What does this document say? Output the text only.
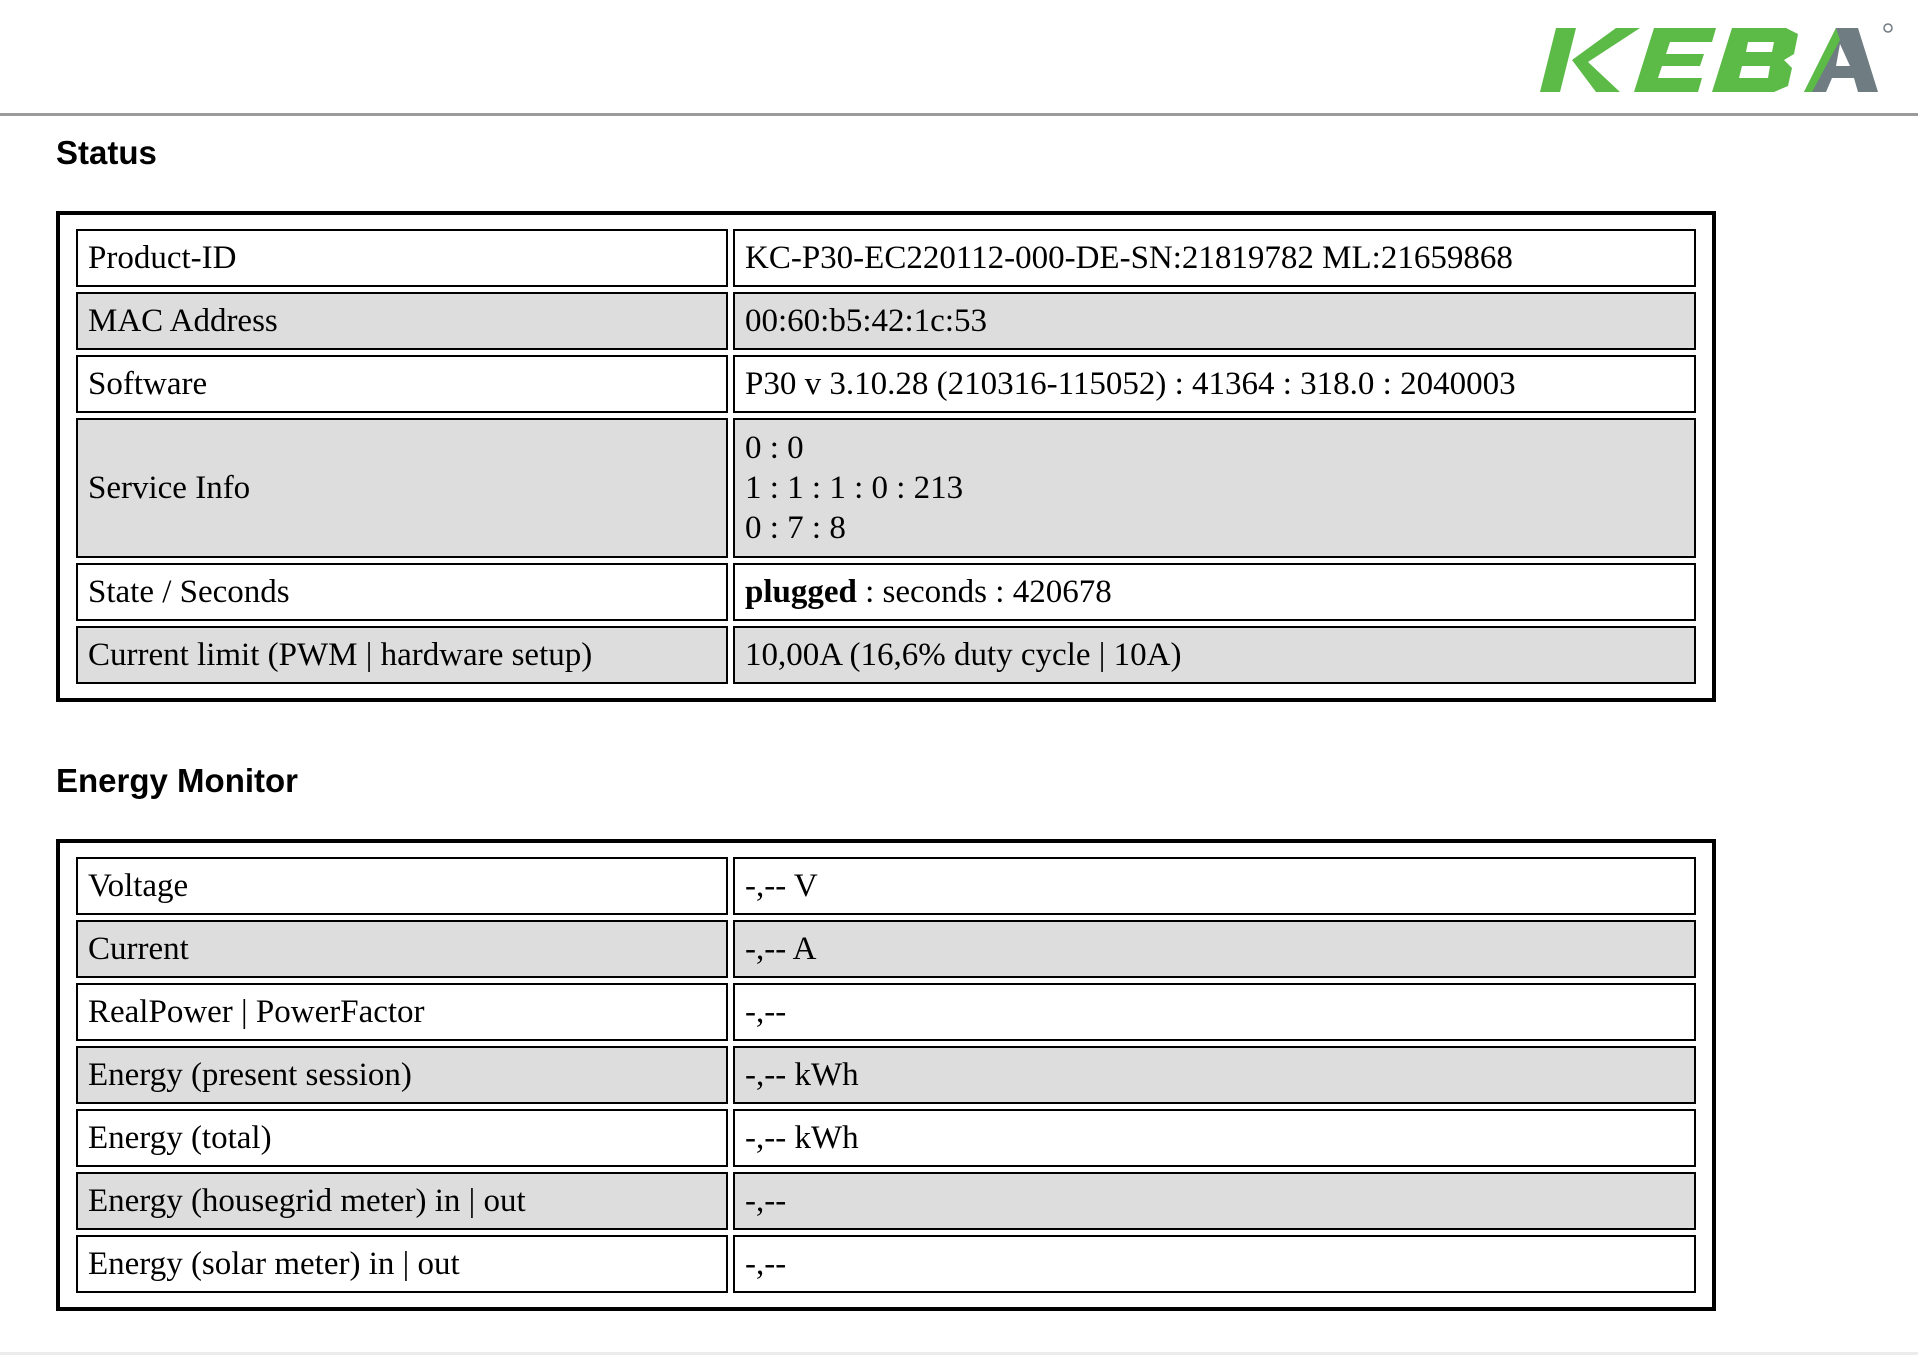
Status
Product-ID	KC-P30-EC220112-000-DE-SN:21819782 ML:21659868
MAC Address	00:60:b5:42:1c:53
Software	P30 v 3.10.28 (210316-115052) : 41364 : 318.0 : 2040003
Service Info	0 : 0
1 : 1 : 1 : 0 : 213
0 : 7 : 8

State / Seconds	plugged : seconds : 420678
Current limit (PWM | hardware setup)	10,00A (16,6% duty cycle | 10A)
Energy Monitor
Voltage	-,-- V
Current	-,-- A
RealPower | PowerFactor	-,--
Energy (present session)	-,-- kWh
Energy (total)	-,-- kWh
Energy (housegrid meter) in | out	-,--
Energy (solar meter) in | out	-,--
